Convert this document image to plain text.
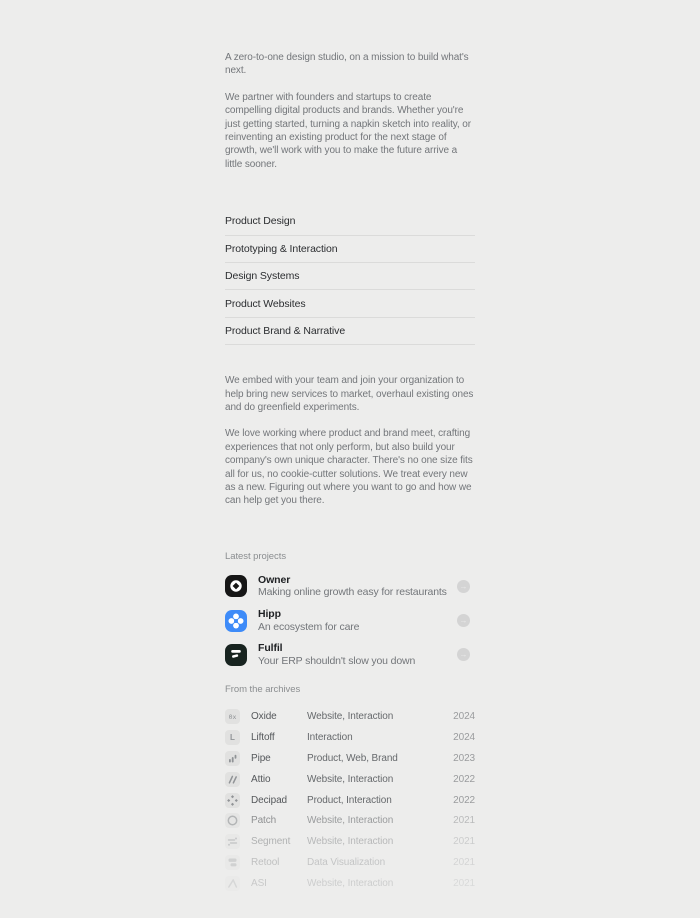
A zero-to-one design studio, on a mission to build what's next.

We partner with founders and startups to create compelling digital products and brands. Whether you're just getting started, turning a napkin sketch into reality, or reinventing an existing product for the next stage of growth, we'll work with you to make the future arrive a little sooner.

Product Design
Prototyping & Interaction
Design Systems
Product Websites
Product Brand & Narrative

We embed with your team and join your organization to help bring new services to market, overhaul existing ones and do greenfield experiments.

We love working where product and brand meet, crafting experiences that not only perform, but also build your company's own unique character. There's no one size fits all for us, no cookie-cutter solutions. We treat every new as a new. Figuring out where you want to go and how we can help get you there.

Latest projects
Owner
Making online growth easy for restaurants	→
Hipp
An ecosystem for care	→
Fulfil
Your ERP shouldn't slow you down	→
From the archives
0x Oxide	Website, Interaction	2024
L Liftoff	Interaction	2024
Pipe	Product, Web, Brand	2023
Attio	Website, Interaction	2022
Decipad	Product, Interaction	2022
Patch	Website, Interaction	2021
Segment	Website, Interaction	2021
Retool	Data Visualization	2021
ASI	Website, Interaction	2021
